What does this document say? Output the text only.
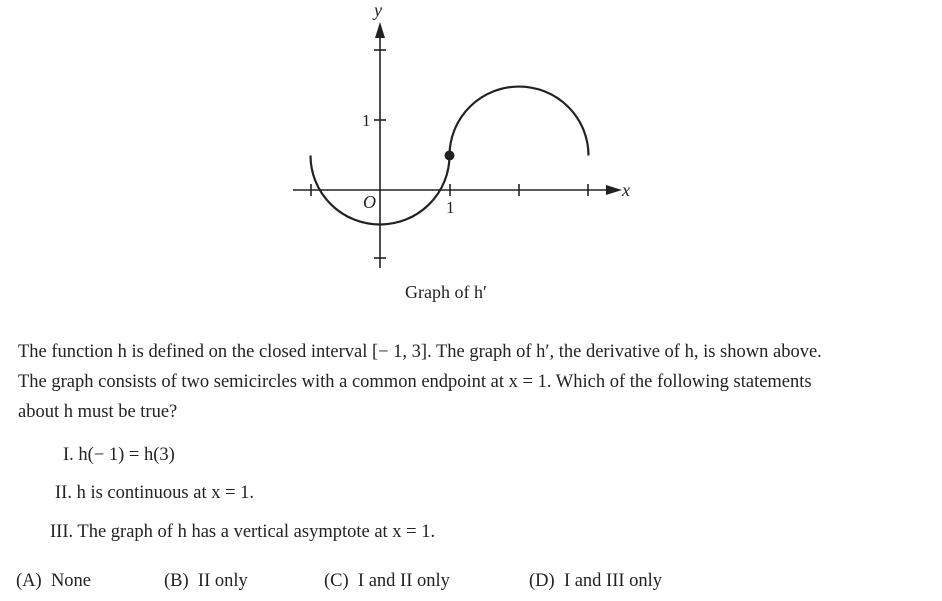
y
x
O	1
1
Graph of h′
The function h is defined on the closed interval [− 1, 3]. The graph of h′, the derivative of h, is shown above.
The graph consists of two semicircles with a common endpoint at x = 1. Which of the following statements
about h must be true?
I. h(− 1) = h(3)
II. h is continuous at x = 1.
III. The graph of h has a vertical asymptote at x = 1.
(A) None	(B) II only	(C) I and II only	(D) I and III only
